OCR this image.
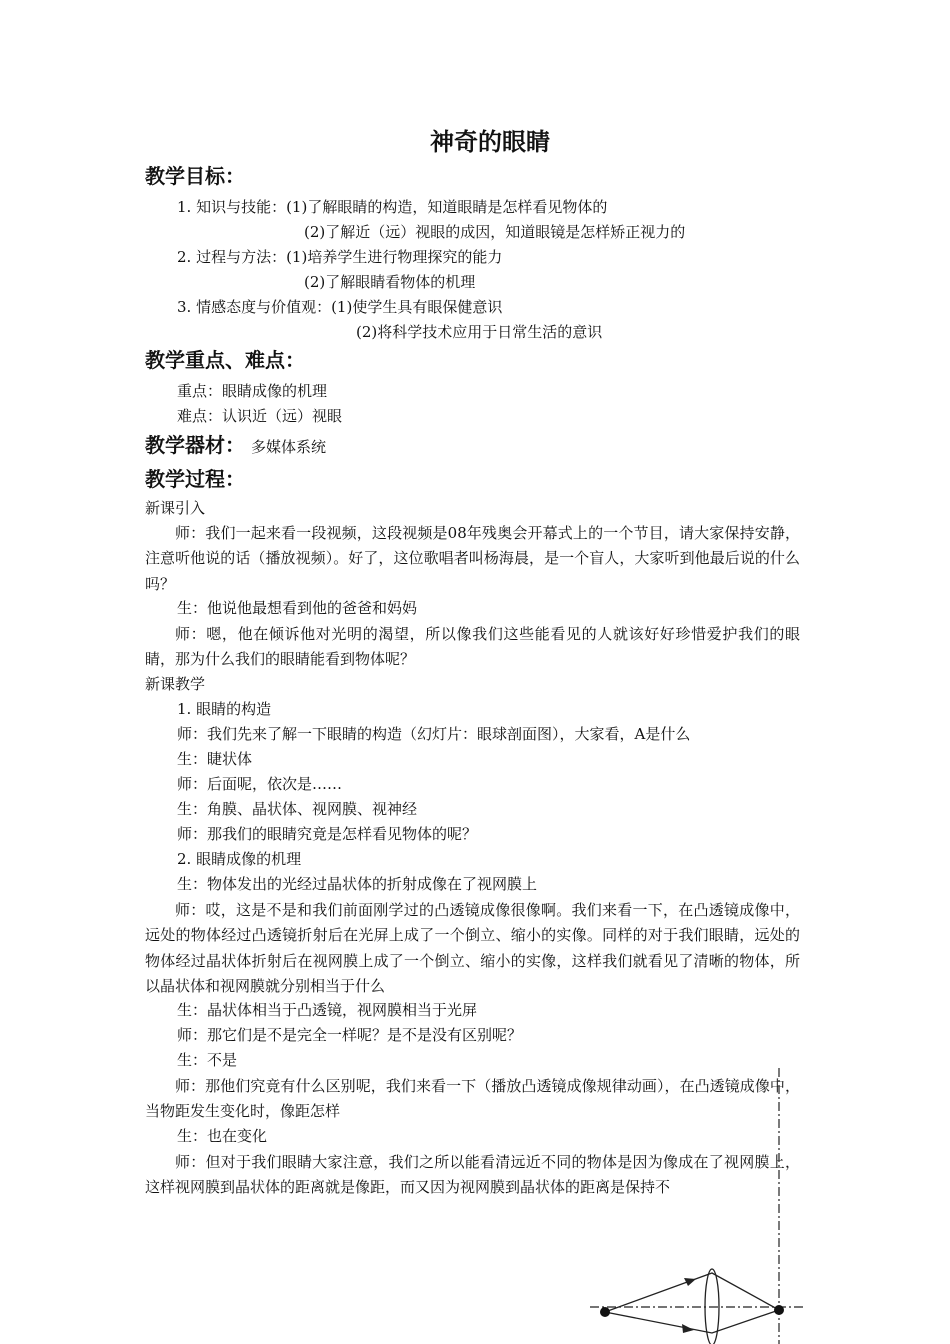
神奇的眼睛
教学目标：
1. 知识与技能：(1)了解眼睛的构造，知道眼睛是怎样看见物体的
(2)了解近（远）视眼的成因，知道眼镜是怎样矫正视力的
2. 过程与方法：(1)培养学生进行物理探究的能力
(2)了解眼睛看物体的机理
3. 情感态度与价值观：(1)使学生具有眼保健意识
(2)将科学技术应用于日常生活的意识
教学重点、难点：
重点：眼睛成像的机理
难点：认识近（远）视眼
教学器材： 多媒体系统
教学过程：
新课引入
师：我们一起来看一段视频，这段视频是08年残奥会开幕式上的一个节目，请大家保持安静，注意听他说的话（播放视频）。好了，这位歌唱者叫杨海晨，是一个盲人，大家听到他最后说的什么吗？
生：他说他最想看到他的爸爸和妈妈
师：嗯，他在倾诉他对光明的渴望，所以像我们这些能看见的人就该好好珍惜爱护我们的眼睛，那为什么我们的眼睛能看到物体呢？
新课教学
1. 眼睛的构造
师：我们先来了解一下眼睛的构造（幻灯片：眼球剖面图），大家看，A是什么
生：睫状体
师：后面呢，依次是……
生：角膜、晶状体、视网膜、视神经
师：那我们的眼睛究竟是怎样看见物体的呢？
2. 眼睛成像的机理
生：物体发出的光经过晶状体的折射成像在了视网膜上
师：哎，这是不是和我们前面刚学过的凸透镜成像很像啊。我们来看一下，在凸透镜成像中，远处的物体经过凸透镜折射后在光屏上成了一个倒立、缩小的实像。同样的对于我们眼睛，远处的物体经过晶状体折射后在视网膜上成了一个倒立、缩小的实像，这样我们就看见了清晰的物体，所以晶状体和视网膜就分别相当于什么
生：晶状体相当于凸透镜，视网膜相当于光屏
师：那它们是不是完全一样呢？是不是没有区别呢？
生：不是
师：那他们究竟有什么区别呢，我们来看一下（播放凸透镜成像规律动画），在凸透镜成像中，当物距发生变化时，像距怎样
生：也在变化
师：但对于我们眼睛大家注意，我们之所以能看清远近不同的物体是因为像成在了视网膜上，这样视网膜到晶状体的距离就是像距，而又因为视网膜到晶状体的距离是保持不
